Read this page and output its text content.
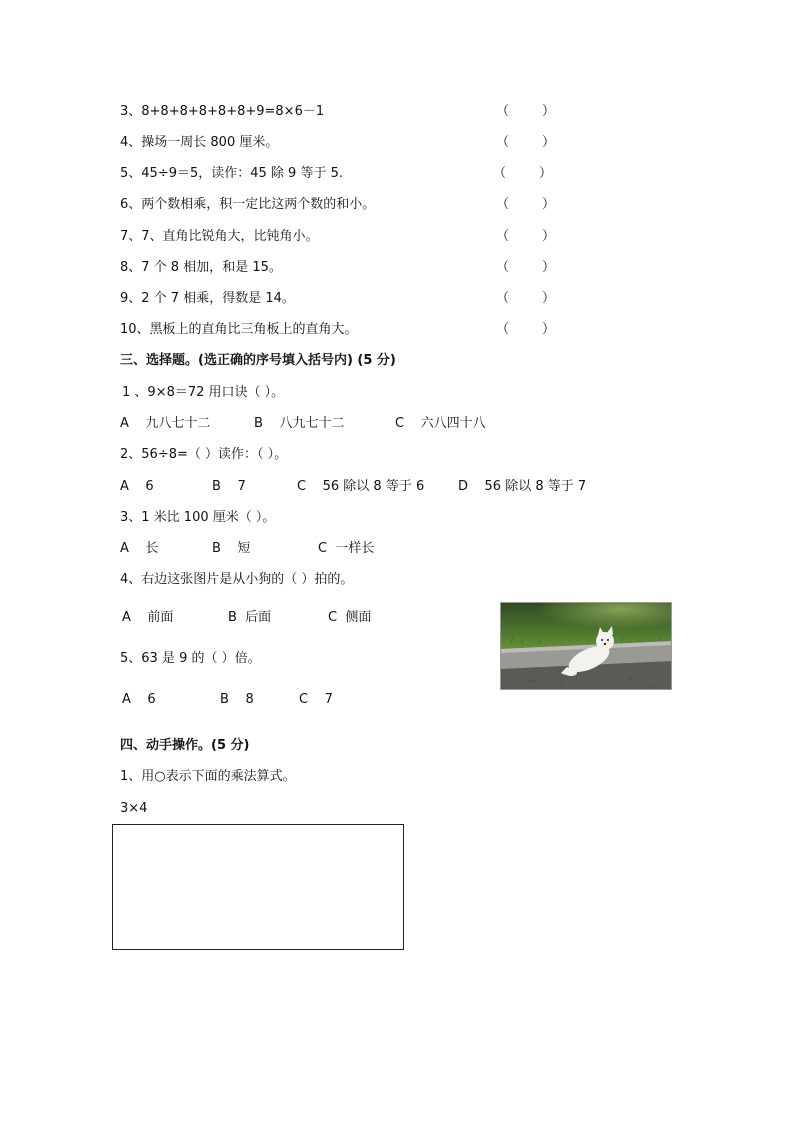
3、8+8+8+8+8+8+9=8×6－1	（        ）
4、操场一周长 800 厘米。	（        ）
5、45÷9＝5，读作：45 除 9 等于 5.	（        ）
6、两个数相乘，积一定比这两个数的和小。	（        ）
7、7、直角比锐角大，比钝角小。	（        ）
8、7 个 8 相加，和是 15。	（        ）
9、2 个 7 相乘，得数是 14。	（        ）
10、黑板上的直角比三角板上的直角大。	（        ）
三、选择题。(选正确的序号填入括号内) (5 分)
1 、9×8＝72 用口诀（ ）。
A    九八七十二	B    八九七十二	C    六八四十八
2、56÷8=（ ）读作：（ ）。
A    6	B    7	C    56 除以 8 等于 6	D    56 除以 8 等于 7
3、1 米比 100 厘米（ ）。
A    长	B    短	C  一样长
4、右边这张图片是从小狗的（ ）拍的。
A    前面	B  后面	C  侧面
5、63 是 9 的（ ）倍。
A    6	B    8	C    7
四、动手操作。(5 分)
1、用○表示下面的乘法算式。
3×4
